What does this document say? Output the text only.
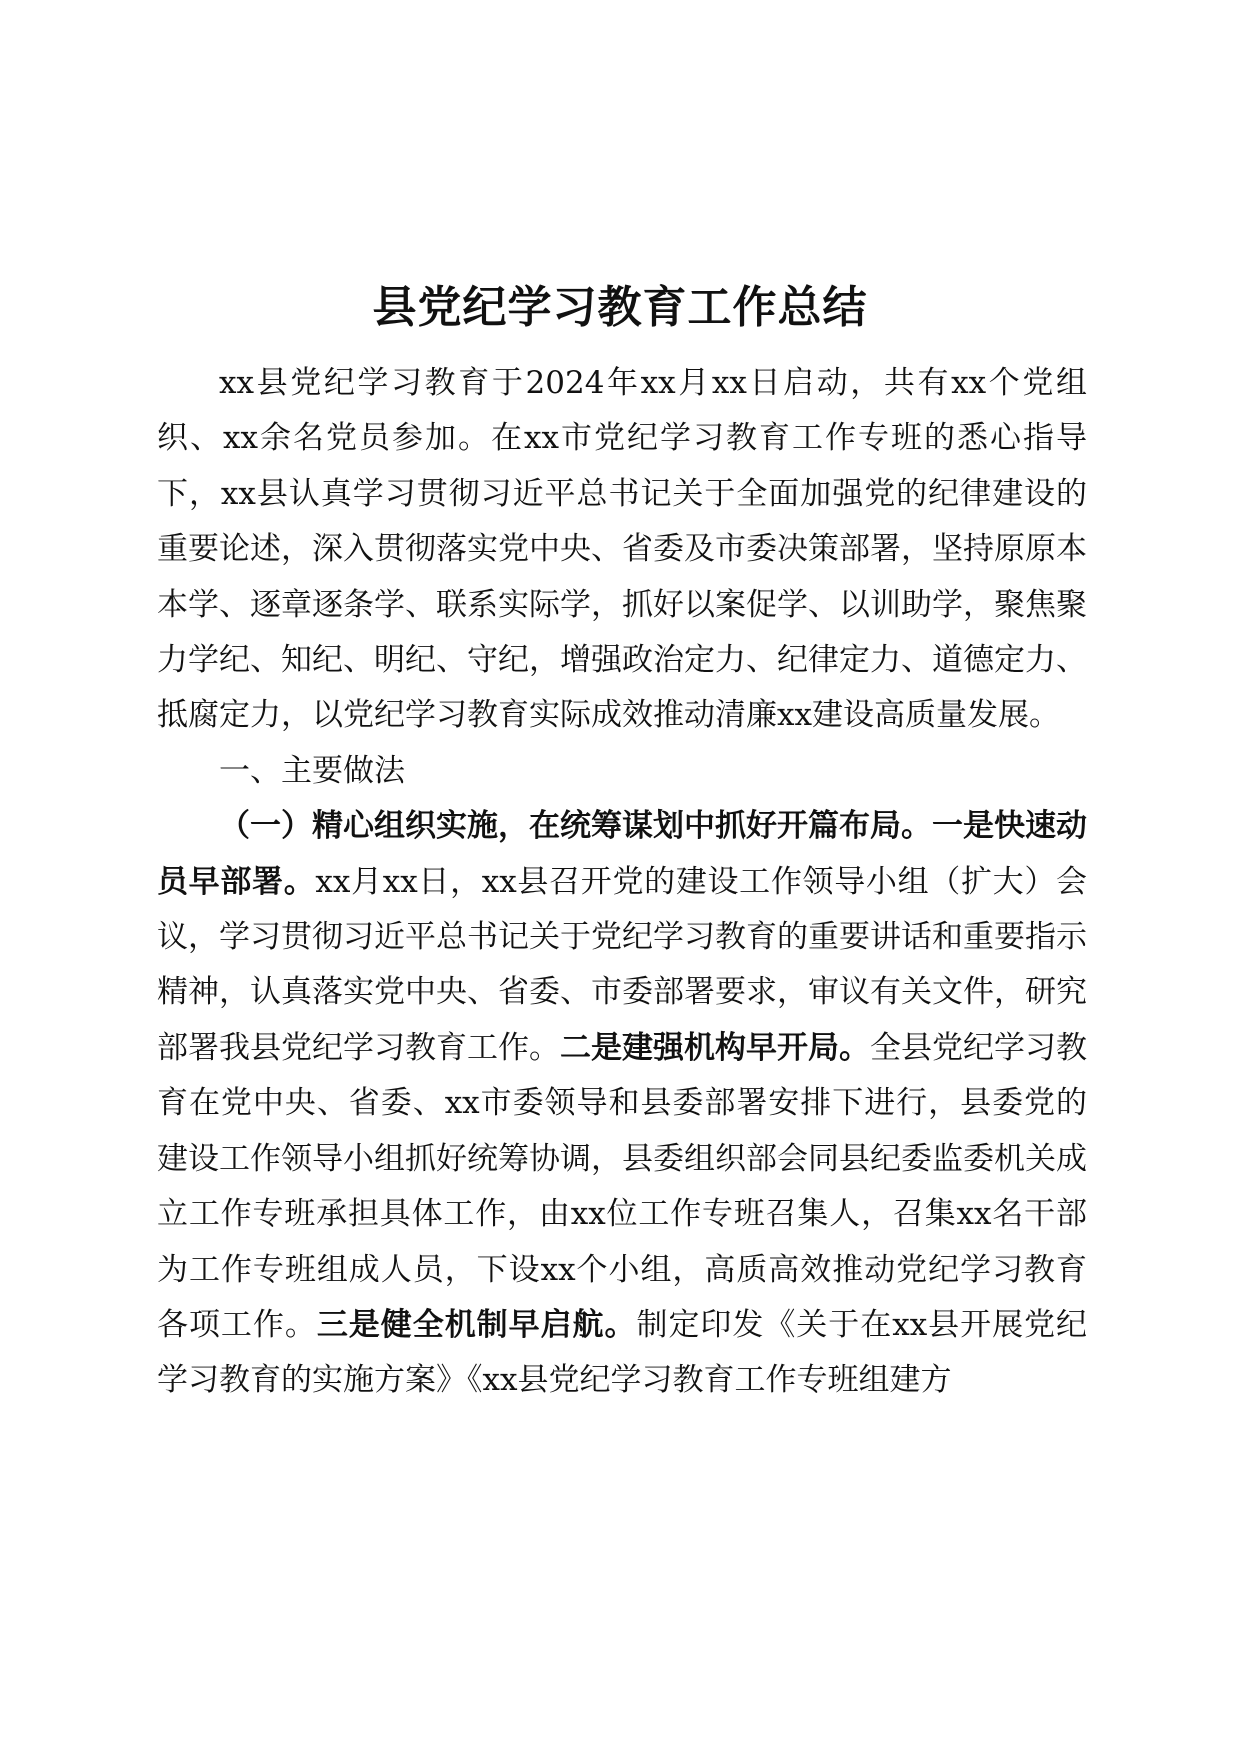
县党纪学习教育工作总结

xx县党纪学习教育于2024年xx月xx日启动，共有xx个党组织、xx余名党员参加。在xx市党纪学习教育工作专班的悉心指导下，xx县认真学习贯彻习近平总书记关于全面加强党的纪律建设的重要论述，深入贯彻落实党中央、省委及市委决策部署，坚持原原本本学、逐章逐条学、联系实际学，抓好以案促学、以训助学，聚焦聚力学纪、知纪、明纪、守纪，增强政治定力、纪律定力、道德定力、抵腐定力，以党纪学习教育实际成效推动清廉xx建设高质量发展。

一、主要做法

（一）精心组织实施，在统筹谋划中抓好开篇布局。一是快速动员早部署。xx月xx日，xx县召开党的建设工作领导小组（扩大）会议，学习贯彻习近平总书记关于党纪学习教育的重要讲话和重要指示精神，认真落实党中央、省委、市委部署要求，审议有关文件，研究部署我县党纪学习教育工作。二是建强机构早开局。全县党纪学习教育在党中央、省委、xx市委领导和县委部署安排下进行，县委党的建设工作领导小组抓好统筹协调，县委组织部会同县纪委监委机关成立工作专班承担具体工作，由xx位工作专班召集人，召集xx名干部为工作专班组成人员，下设xx个小组，高质高效推动党纪学习教育各项工作。三是健全机制早启航。制定印发《关于在xx县开展党纪学习教育的实施方案》《xx县党纪学习教育工作专班组建方
